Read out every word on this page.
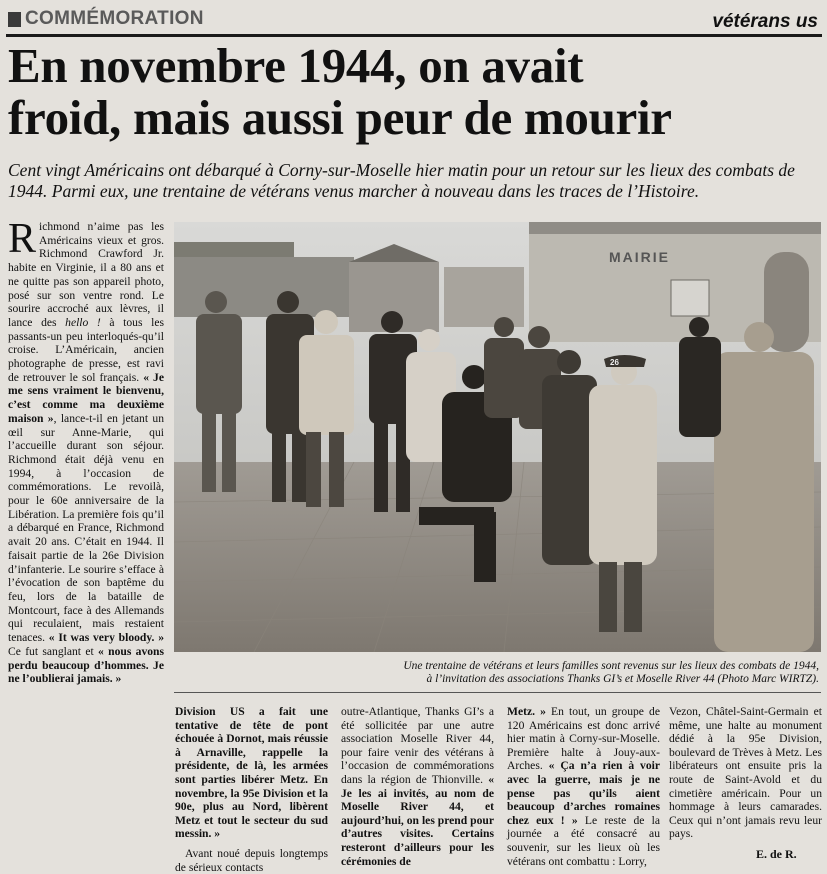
COMMÉMORATION	vétérans us
En novembre 1944, on avait
froid, mais aussi peur de mourir

Cent vingt Américains ont débarqué à Corny-sur-Moselle hier matin pour un retour sur les lieux des combats de 1944. Parmi eux, une trentaine de vétérans venus marcher à nouveau dans les traces de l’Histoire.

Richmond n’aime pas les Américains vieux et gros. Richmond Crawford Jr. habite en Virginie, il a 80 ans et ne quitte pas son appareil photo, posé sur son ventre rond. Le sourire accroché aux lèvres, il lance des hello ! à tous les passants-un peu interloqués-qu’il croise. L’Américain, ancien photographe de presse, est ravi de retrouver le sol français. « Je me sens vraiment le bienvenu, c’est comme ma deuxième maison », lance-t-il en jetant un œil sur Anne-Marie, qui l’accueille durant son séjour. Richmond était déjà venu en 1994, à l’occasion de commémorations. Le revoilà, pour le 60e anniversaire de la Libération. La première fois qu’il a débarqué en France, Richmond avait 20 ans. C’était en 1944. Il faisait partie de la 26e Division d’infanterie. Le sourire s’efface à l’évocation de son baptême du feu, lors de la bataille de Montcourt, face à des Allemands qui reculaient, mais restaient tenaces. « It was very bloody. » Ce fut sanglant et « nous avons perdu beaucoup d’hommes. Je ne l’oublierai jamais. »

MAIRIE
26
Une trentaine de vétérans et leurs familles sont revenus sur les lieux des combats de 1944,
à l’invitation des associations Thanks GI’s et Moselle River 44 (Photo Marc WIRTZ).

Division US a fait une tentative de tête de pont échouée à Dornot, mais réussie à Arnaville, rappelle la présidente, de là, les armées sont parties libérer Metz. En novembre, la 95e Division et la 90e, plus au Nord, libèrent Metz et tout le secteur du sud messin. »

Avant noué depuis longtemps de sérieux contacts

outre-Atlantique, Thanks GI’s a été sollicitée par une autre association Moselle River 44, pour faire venir des vétérans à l’occasion de commémorations dans la région de Thionville. « Je les ai invités, au nom de Moselle River 44, et aujourd’hui, on les prend pour d’autres visites. Certains resteront d’ailleurs pour les cérémonies de

Metz. » En tout, un groupe de 120 Américains est donc arrivé hier matin à Corny-sur-Moselle. Première halte à Jouy-aux-Arches. « Ça n’a rien à voir avec la guerre, mais je ne pense pas qu’ils aient beaucoup d’arches romaines chez eux ! » Le reste de la journée a été consacré au souvenir, sur les lieux où les vétérans ont combattu : Lorry,

Vezon, Châtel-Saint-Germain et même, une halte au monument dédié à la 95e Division, boulevard de Trèves à Metz. Les libérateurs ont ensuite pris la route de Saint-Avold et du cimetière américain. Pour un hommage à leurs camarades. Ceux qui n’ont jamais revu leur pays.

E. de R.
